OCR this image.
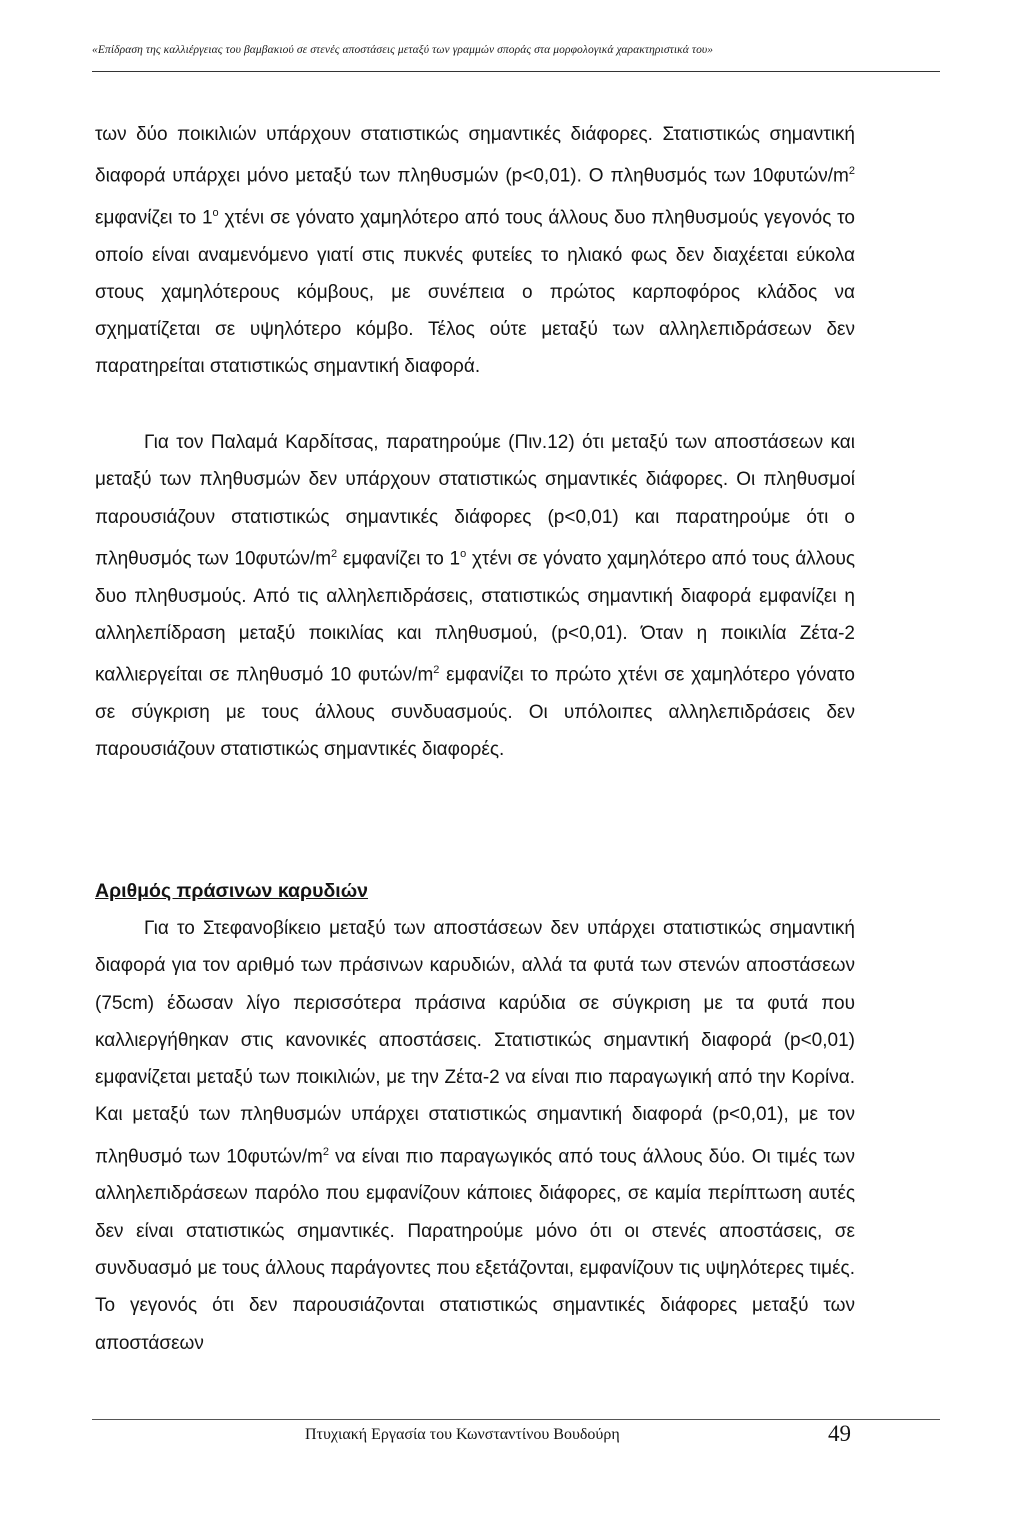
«Επίδραση της καλλιέργειας του βαμβακιού σε στενές αποστάσεις μεταξύ των γραμμών σποράς στα μορφολογικά χαρακτηριστικά του»

των δύο ποικιλιών υπάρχουν στατιστικώς σημαντικές διάφορες. Στατιστικώς σημαντική διαφορά υπάρχει μόνο μεταξύ των πληθυσμών (p<0,01). Ο πληθυσμός των $10\varphi\upsilon\tau ώ\nu/m^2$ εμφανίζει το $1^o$ χτένι σε γόνατο χαμηλότερο από τους άλλους δυο πληθυσμούς γεγονός το οποίο είναι αναμενόμενο γιατί στις πυκνές φυτείες το ηλιακό φως δεν διαχέεται εύκολα στους χαμηλότερους κόμβους, με συνέπεια ο πρώτος καρποφόρος κλάδος να σχηματίζεται σε υψηλότερο κόμβο. Τέλος ούτε μεταξύ των αλληλεπιδράσεων δεν παρατηρείται στατιστικώς σημαντική διαφορά.

Για τον Παλαμά Καρδίτσας, παρατηρούμε (Πιν.12) ότι μεταξύ των αποστάσεων και μεταξύ των πληθυσμών δεν υπάρχουν στατιστικώς σημαντικές διάφορες. Οι πληθυσμοί παρουσιάζουν στατιστικώς σημαντικές διάφορες (p<0,01) και παρατηρούμε ότι ο πληθυσμός των $10\varphi\upsilon\tau ώ\nu/m^2$ εμφανίζει το $1^o$ χτένι σε γόνατο χαμηλότερο από τους άλλους δυο πληθυσμούς. Από τις αλληλεπιδράσεις, στατιστικώς σημαντική διαφορά εμφανίζει η αλληλεπίδραση μεταξύ ποικιλίας και πληθυσμού, (p<0,01). Όταν η ποικιλία Ζέτα-2 καλλιεργείται σε πληθυσμό 10 φυτών/$m^2$ εμφανίζει το πρώτο χτένι σε χαμηλότερο γόνατο σε σύγκριση με τους άλλους συνδυασμούς. Οι υπόλοιπες αλληλεπιδράσεις δεν παρουσιάζουν στατιστικώς σημαντικές διαφορές.

Αριθμός πράσινων καρυδιών

Για το Στεφανοβίκειο μεταξύ των αποστάσεων δεν υπάρχει στατιστικώς σημαντική διαφορά για τον αριθμό των πράσινων καρυδιών, αλλά τα φυτά των στενών αποστάσεων (75cm) έδωσαν λίγο περισσότερα πράσινα καρύδια σε σύγκριση με τα φυτά που καλλιεργήθηκαν στις κανονικές αποστάσεις. Στατιστικώς σημαντική διαφορά (p<0,01) εμφανίζεται μεταξύ των ποικιλιών, με την Ζέτα-2 να είναι πιο παραγωγική από την Κορίνα. Και μεταξύ των πληθυσμών υπάρχει στατιστικώς σημαντική διαφορά (p<0,01), με τον πληθυσμό των $10\varphi\upsilon\tau ώ\nu/m^2$ να είναι πιο παραγωγικός από τους άλλους δύο. Οι τιμές των αλληλεπιδράσεων παρόλο που εμφανίζουν κάποιες διάφορες, σε καμία περίπτωση αυτές δεν είναι στατιστικώς σημαντικές. Παρατηρούμε μόνο ότι οι στενές αποστάσεις, σε συνδυασμό με τους άλλους παράγοντες που εξετάζονται, εμφανίζουν τις υψηλότερες τιμές. Το γεγονός ότι δεν παρουσιάζονται στατιστικώς σημαντικές διάφορες μεταξύ των αποστάσεων

Πτυχιακή Εργασία του Κωνσταντίνου Βουδούρη	49
